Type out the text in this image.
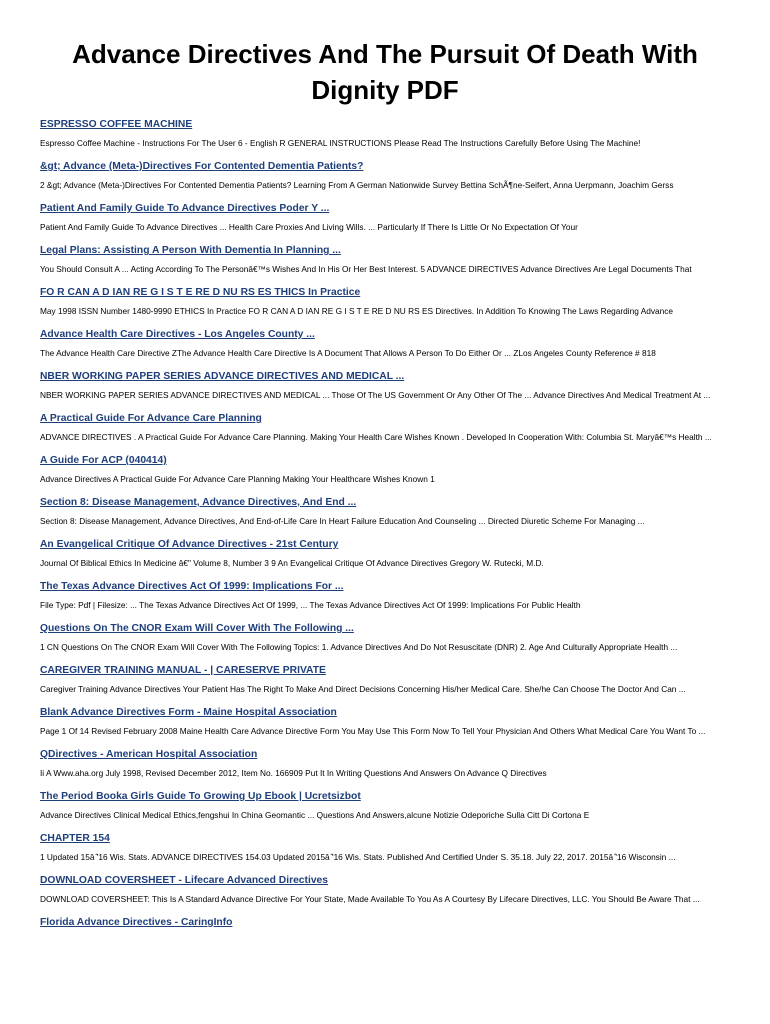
Advance Directives And The Pursuit Of Death With Dignity PDF
ESPRESSO COFFEE MACHINE
Espresso Coffee Machine - Instructions For The User 6 - English R GENERAL INSTRUCTIONS Please Read The Instructions Carefully Before Using The Machine!
&gt; Advance (Meta-)Directives For Contented Dementia Patients?
2 &gt; Advance (Meta-)Directives For Contented Dementia Patients? Learning From A German Nationwide Survey Bettina SchÃ¶ne-Seifert, Anna Uerpmann, Joachim Gerss
Patient And Family Guide To Advance Directives Poder Y ...
Patient And Family Guide To Advance Directives ... Health Care Proxies And Living Wills. ... Particularly If There Is Little Or No Expectation Of Your
Legal Plans: Assisting A Person With Dementia In Planning ...
You Should Consult A ... Acting According To The Personâ€™s Wishes And In His Or Her Best Interest. 5 ADVANCE DIRECTIVES Advance Directives Are Legal Documents That
FO R CAN A D IAN RE G I S T E RE D NU RS ES THICS In Practice
May 1998 ISSN Number 1480-9990 ETHICS In Practice FO R CAN A D IAN RE G I S T E RE D NU RS ES Directives. In Addition To Knowing The Laws Regarding Advance
Advance Health Care Directives - Los Angeles County ...
The Advance Health Care Directive ZThe Advance Health Care Directive Is A Document That Allows A Person To Do Either Or ... ZLos Angeles County Reference # 818
NBER WORKING PAPER SERIES ADVANCE DIRECTIVES AND MEDICAL ...
NBER WORKING PAPER SERIES ADVANCE DIRECTIVES AND MEDICAL ... Those Of The US Government Or Any Other Of The ... Advance Directives And Medical Treatment At ...
A Practical Guide For Advance Care Planning
ADVANCE DIRECTIVES . A Practical Guide For Advance Care Planning. Making Your Health Care Wishes Known . Developed In Cooperation With: Columbia St. Maryâ€™s Health ...
A Guide For ACP (040414)
Advance Directives A Practical Guide For Advance Care Planning Making Your Healthcare Wishes Known 1
Section 8: Disease Management, Advance Directives, And End ...
Section 8: Disease Management, Advance Directives, And End-of-Life Care In Heart Failure Education And Counseling ... Directed Diuretic Scheme For Managing ...
An Evangelical Critique Of Advance Directives - 21st Century
Journal Of Biblical Ethics In Medicine â€" Volume 8, Number 3 9 An Evangelical Critique Of Advance Directives Gregory W. Rutecki, M.D.
The Texas Advance Directives Act Of 1999: Implications For ...
File Type: Pdf | Filesize: ... The Texas Advance Directives Act Of 1999, ... The Texas Advance Directives Act Of 1999: Implications For Public Health
Questions On The CNOR Exam Will Cover With The Following ...
1 CN Questions On The CNOR Exam Will Cover With The Following Topics: 1. Advance Directives And Do Not Resuscitate (DNR) 2. Age And Culturally Appropriate Health ...
CAREGIVER TRAINING MANUAL - | CARESERVE PRIVATE
Caregiver Training Advance Directives Your Patient Has The Right To Make And Direct Decisions Concerning His/her Medical Care. She/he Can Choose The Doctor And Can ...
Blank Advance Directives Form - Maine Hospital Association
Page 1 Of 14 Revised February 2008 Maine Health Care Advance Directive Form You May Use This Form Now To Tell Your Physician And Others What Medical Care You Want To ...
QDirectives - American Hospital Association
Ii A Www.aha.org July 1998, Revised December 2012, Item No. 166909 Put It In Writing Questions And Answers On Advance Q Directives
The Period Booka Girls Guide To Growing Up Ebook | Ucretsizbot
Advance Directives Clinical Medical Ethics,fengshui In China Geomantic ... Questions And Answers,alcune Notizie Odeporiche Sulla Citt Di Cortona E
CHAPTER 154
1 Updated 15â ̂'16 Wis. Stats. ADVANCE DIRECTIVES 154.03 Updated 2015â ̂'16 Wis. Stats. Published And Certified Under S. 35.18. July 22, 2017. 2015â ̂'16 Wisconsin ...
DOWNLOAD COVERSHEET - Lifecare Advanced Directives
DOWNLOAD COVERSHEET: This Is A Standard Advance Directive For Your State, Made Available To You As A Courtesy By Lifecare Directives, LLC. You Should Be Aware That ...
Florida Advance Directives - CaringInfo
